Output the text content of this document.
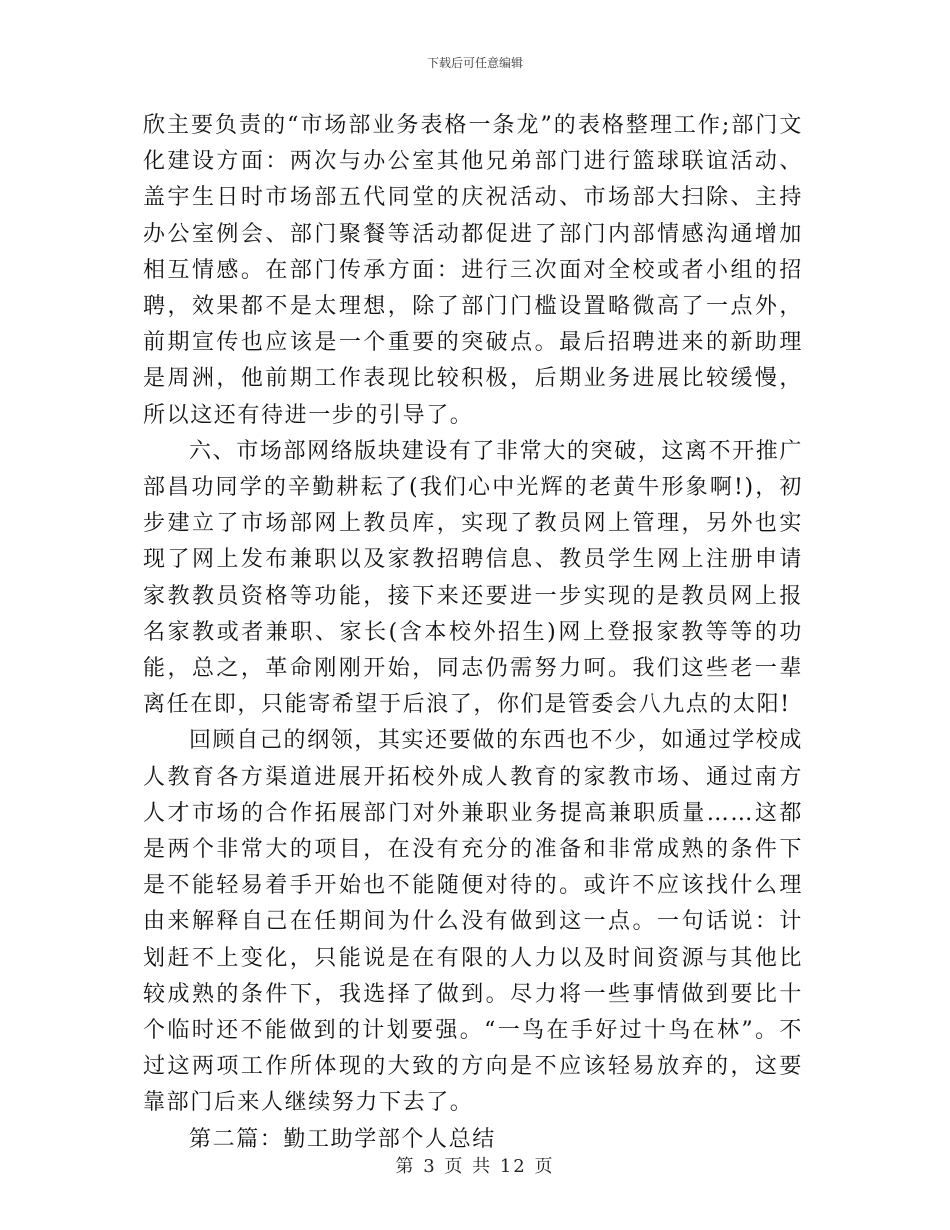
下载后可任意编辑

欣主要负责的“市场部业务表格一条龙”的表格整理工作;部门文化建设方面：两次与办公室其他兄弟部门进行篮球联谊活动、盖宇生日时市场部五代同堂的庆祝活动、市场部大扫除、主持办公室例会、部门聚餐等活动都促进了部门内部情感沟通增加相互情感。在部门传承方面：进行三次面对全校或者小组的招聘，效果都不是太理想，除了部门门槛设置略微高了一点外，前期宣传也应该是一个重要的突破点。最后招聘进来的新助理是周洲，他前期工作表现比较积极，后期业务进展比较缓慢，所以这还有待进一步的引导了。

六、市场部网络版块建设有了非常大的突破，这离不开推广部昌功同学的辛勤耕耘了(我们心中光辉的老黄牛形象啊!)，初步建立了市场部网上教员库，实现了教员网上管理，另外也实现了网上发布兼职以及家教招聘信息、教员学生网上注册申请家教教员资格等功能，接下来还要进一步实现的是教员网上报名家教或者兼职、家长(含本校外招生)网上登报家教等等的功能，总之，革命刚刚开始，同志仍需努力呵。我们这些老一辈离任在即，只能寄希望于后浪了，你们是管委会八九点的太阳!

回顾自己的纲领，其实还要做的东西也不少，如通过学校成人教育各方渠道进展开拓校外成人教育的家教市场、通过南方人才市场的合作拓展部门对外兼职业务提高兼职质量……这都是两个非常大的项目，在没有充分的准备和非常成熟的条件下是不能轻易着手开始也不能随便对待的。或许不应该找什么理由来解释自己在任期间为什么没有做到这一点。一句话说：计划赶不上变化，只能说是在有限的人力以及时间资源与其他比较成熟的条件下，我选择了做到。尽力将一些事情做到要比十个临时还不能做到的计划要强。“一鸟在手好过十鸟在林”。不过这两项工作所体现的大致的方向是不应该轻易放弃的，这要靠部门后来人继续努力下去了。

第二篇：勤工助学部个人总结

第 3 页 共 12 页
